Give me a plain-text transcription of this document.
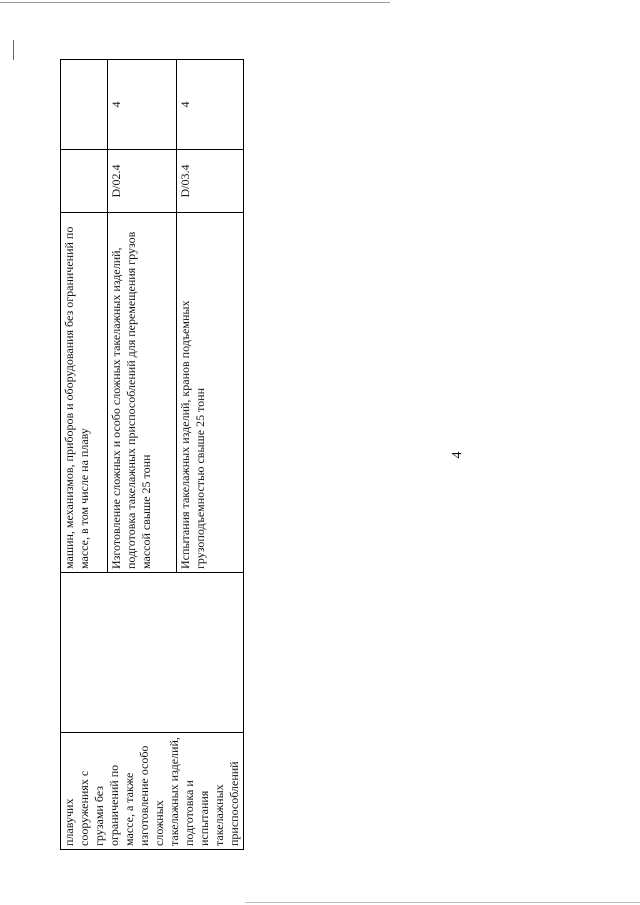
4
плавучих сооружениях с грузами без ограничений по массе, а также изготовление особо сложных такелажных изделий, подготовка и испытания такелажных приспособлений		машин, механизмов, приборов и оборудования без ограничений по массе, в том числе на плаву		
		Изготовление сложных и особо сложных такелажных изделий, подготовка такелажных приспособлений для перемещения грузов массой свыше 25 тонн	D/02.4	4
		Испытания такелажных изделий, кранов подъемных грузоподъемностью свыше 25 тонн	D/03.4	4
